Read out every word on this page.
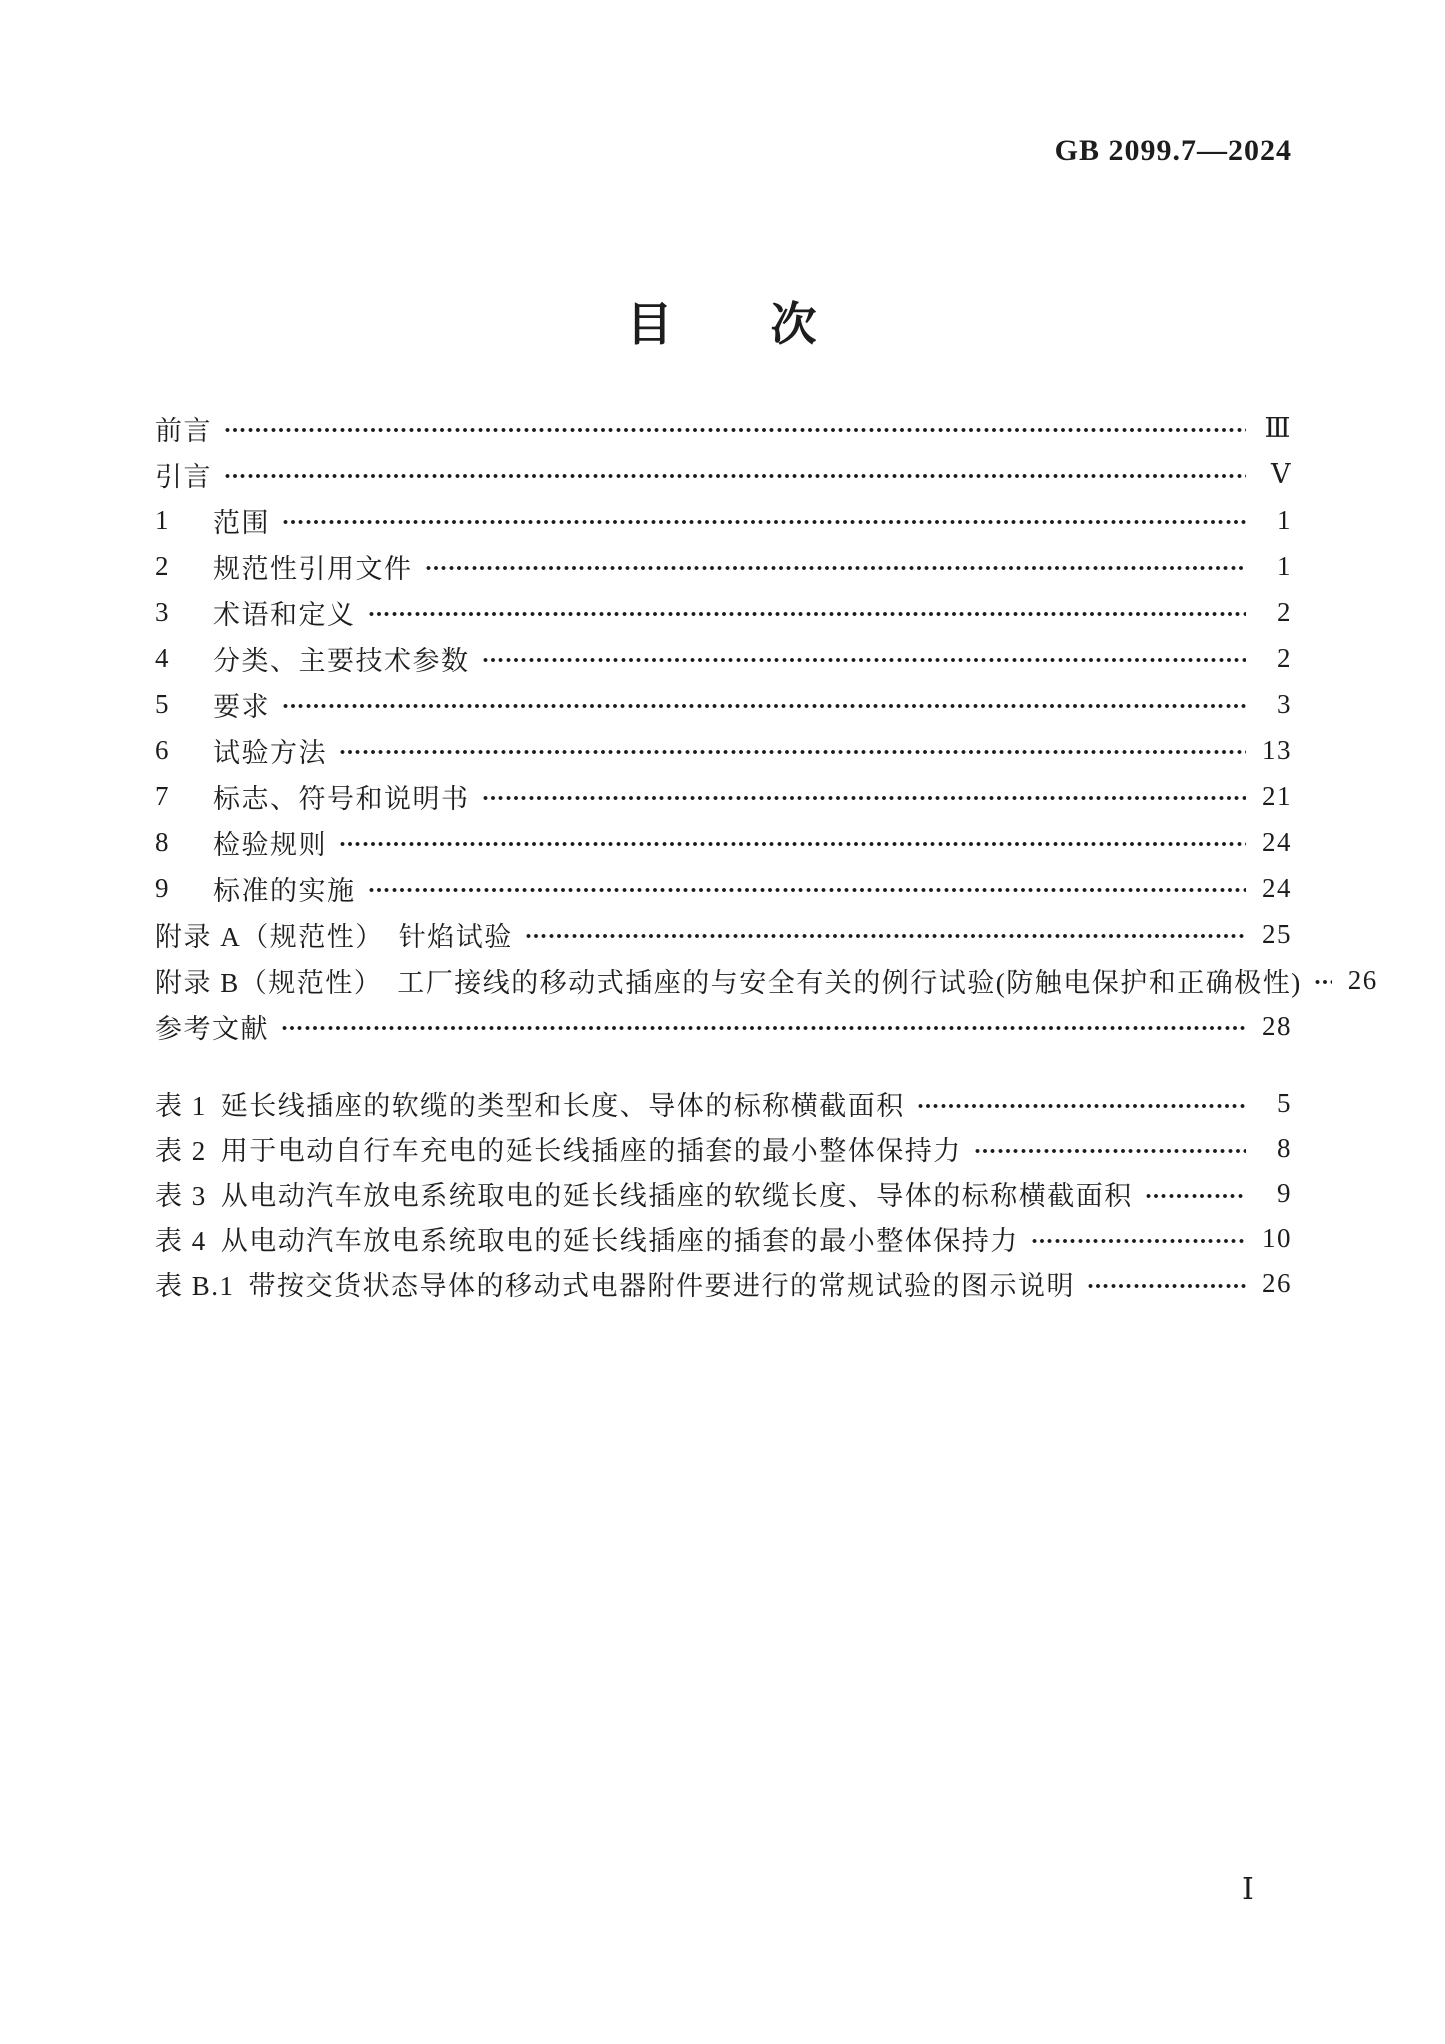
GB 2099.7—2024
目　　次
前言	Ⅲ
引言	Ⅴ
1	范围	1
2	规范性引用文件	1
3	术语和定义	2
4	分类、主要技术参数	2
5	要求	3
6	试验方法	13
7	标志、符号和说明书	21
8	检验规则	24
9	标准的实施	24
附录 A（规范性）　针焰试验	25
附录 B（规范性）　工厂接线的移动式插座的与安全有关的例行试验(防触电保护和正确极性) 26
参考文献	28
表 1 延长线插座的软缆的类型和长度、导体的标称横截面积	5
表 2 用于电动自行车充电的延长线插座的插套的最小整体保持力	8
表 3 从电动汽车放电系统取电的延长线插座的软缆长度、导体的标称横截面积	9
表 4 从电动汽车放电系统取电的延长线插座的插套的最小整体保持力	10
表 B.1 带按交货状态导体的移动式电器附件要进行的常规试验的图示说明	26
Ⅰ
